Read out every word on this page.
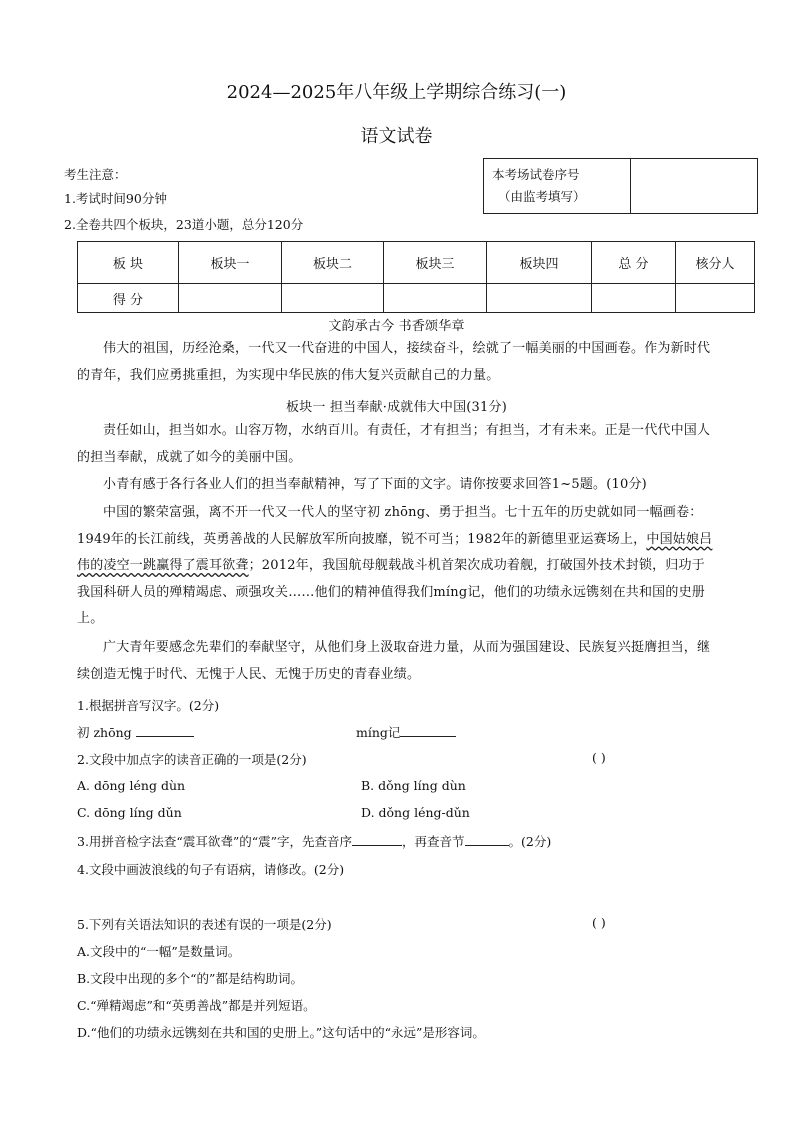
2024—2025年八年级上学期综合练习(一)
语文试卷
考生注意：
1.考试时间90分钟
2.全卷共四个板块，23道小题，总分120分
本考场试卷序号
（由监考填写）

板 块	板块一	板块二	板块三	板块四	总 分	核分人
得 分						
文韵承古今 书香颂华章
伟大的祖国，历经沧桑，一代又一代奋进的中国人，接续奋斗，绘就了一幅美丽的中国画卷。作为新时代的青年，我们应勇挑重担，为实现中华民族的伟大复兴贡献自己的力量。
板块一 担当奉献·成就伟大中国(31分)
责任如山，担当如水。山容万物，水纳百川。有责任，才有担当；有担当，才有未来。正是一代代中国人的担当奉献，成就了如今的美丽中国。
小青有感于各行各业人们的担当奉献精神，写了下面的文字。请你按要求回答1~5题。(10分)
中国的繁荣富强，离不开一代又一代人的坚守初 zhōng、勇于担当。七十五年的历史就如同一幅画卷：1949年的长江前线，英勇善战的人民解放军所向披靡，锐不可当；1982年的新德里亚运赛场上，中国姑娘吕伟的凌空一跳赢得了震耳欲聋；2012年，我国航母舰载战斗机首架次成功着舰，打破国外技术封锁，归功于我国科研人员的殚精竭虑、顽强攻关……他们的精神值得我们míng记，他们的功绩永远镌刻在共和国的史册上。
广大青年要感念先辈们的奉献坚守，从他们身上汲取奋进力量，从而为强国建设、民族复兴挺膺担当，继续创造无愧于时代、无愧于人民、无愧于历史的青春业绩。
1.根据拼音写汉字。(2分)
初 zhōng	míng记
2.文段中加点字的读音正确的一项是(2分)	( )
A. dōng léng dùn	B. dǒng líng dùn
C. dōng líng dǔn	D. dǒng léng-dǔn
3.用拼音检字法查“震耳欲聋”的“震”字，先查音序	，再查音节	。(2分)
4.文段中画波浪线的句子有语病，请修改。(2分)
5.下列有关语法知识的表述有误的一项是(2分)	( )
A.文段中的“一幅”是数量词。
B.文段中出现的多个“的”都是结构助词。
C.“殚精竭虑”和“英勇善战”都是并列短语。
D.“他们的功绩永远镌刻在共和国的史册上。”这句话中的“永远”是形容词。
